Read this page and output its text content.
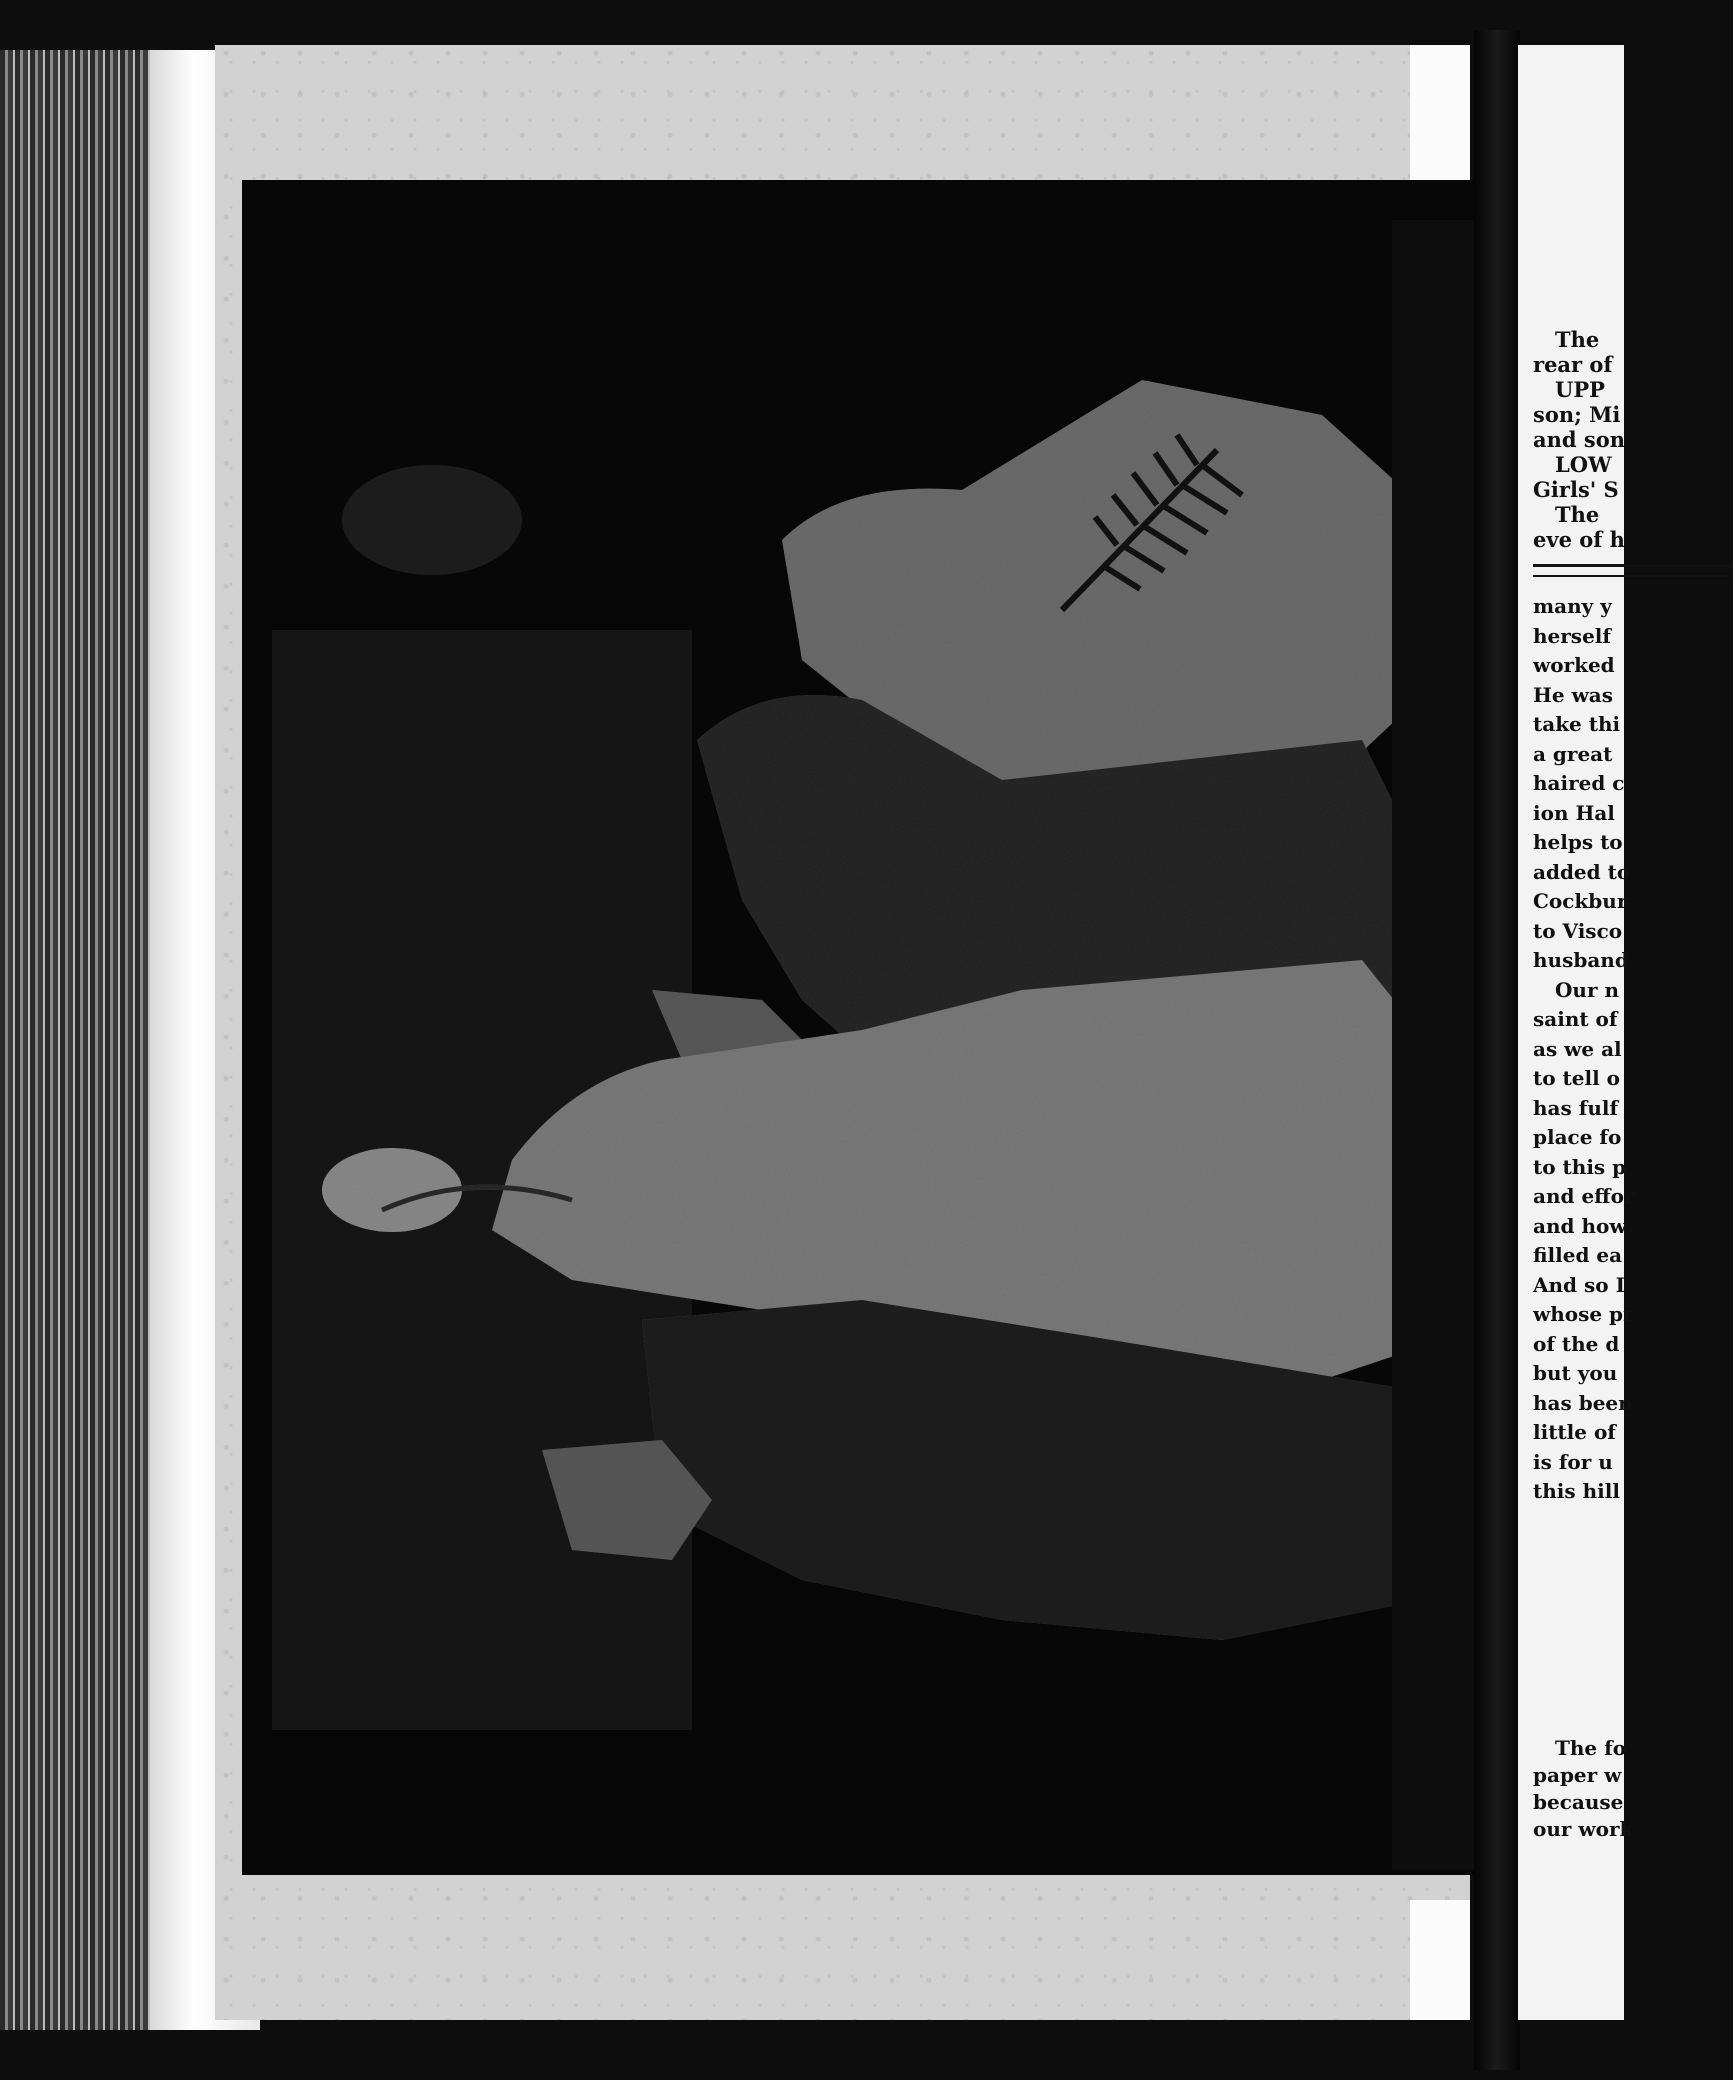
The
rear of
UPP
son; Mi
and son
LOW
Girls' S
The
eve of h
many y
herself
worked
He was
take thi
a great
haired c
ion Hal
helps to
added to
Cockbur
to Visco
husband
Our n
saint of
as we al
to tell o
has fulf
place fo
to this p
and effor
and how
filled ea
And so I
whose pr
of the d
but you
has been
little of
is for u
this hill
The fo
paper w
because
our work
